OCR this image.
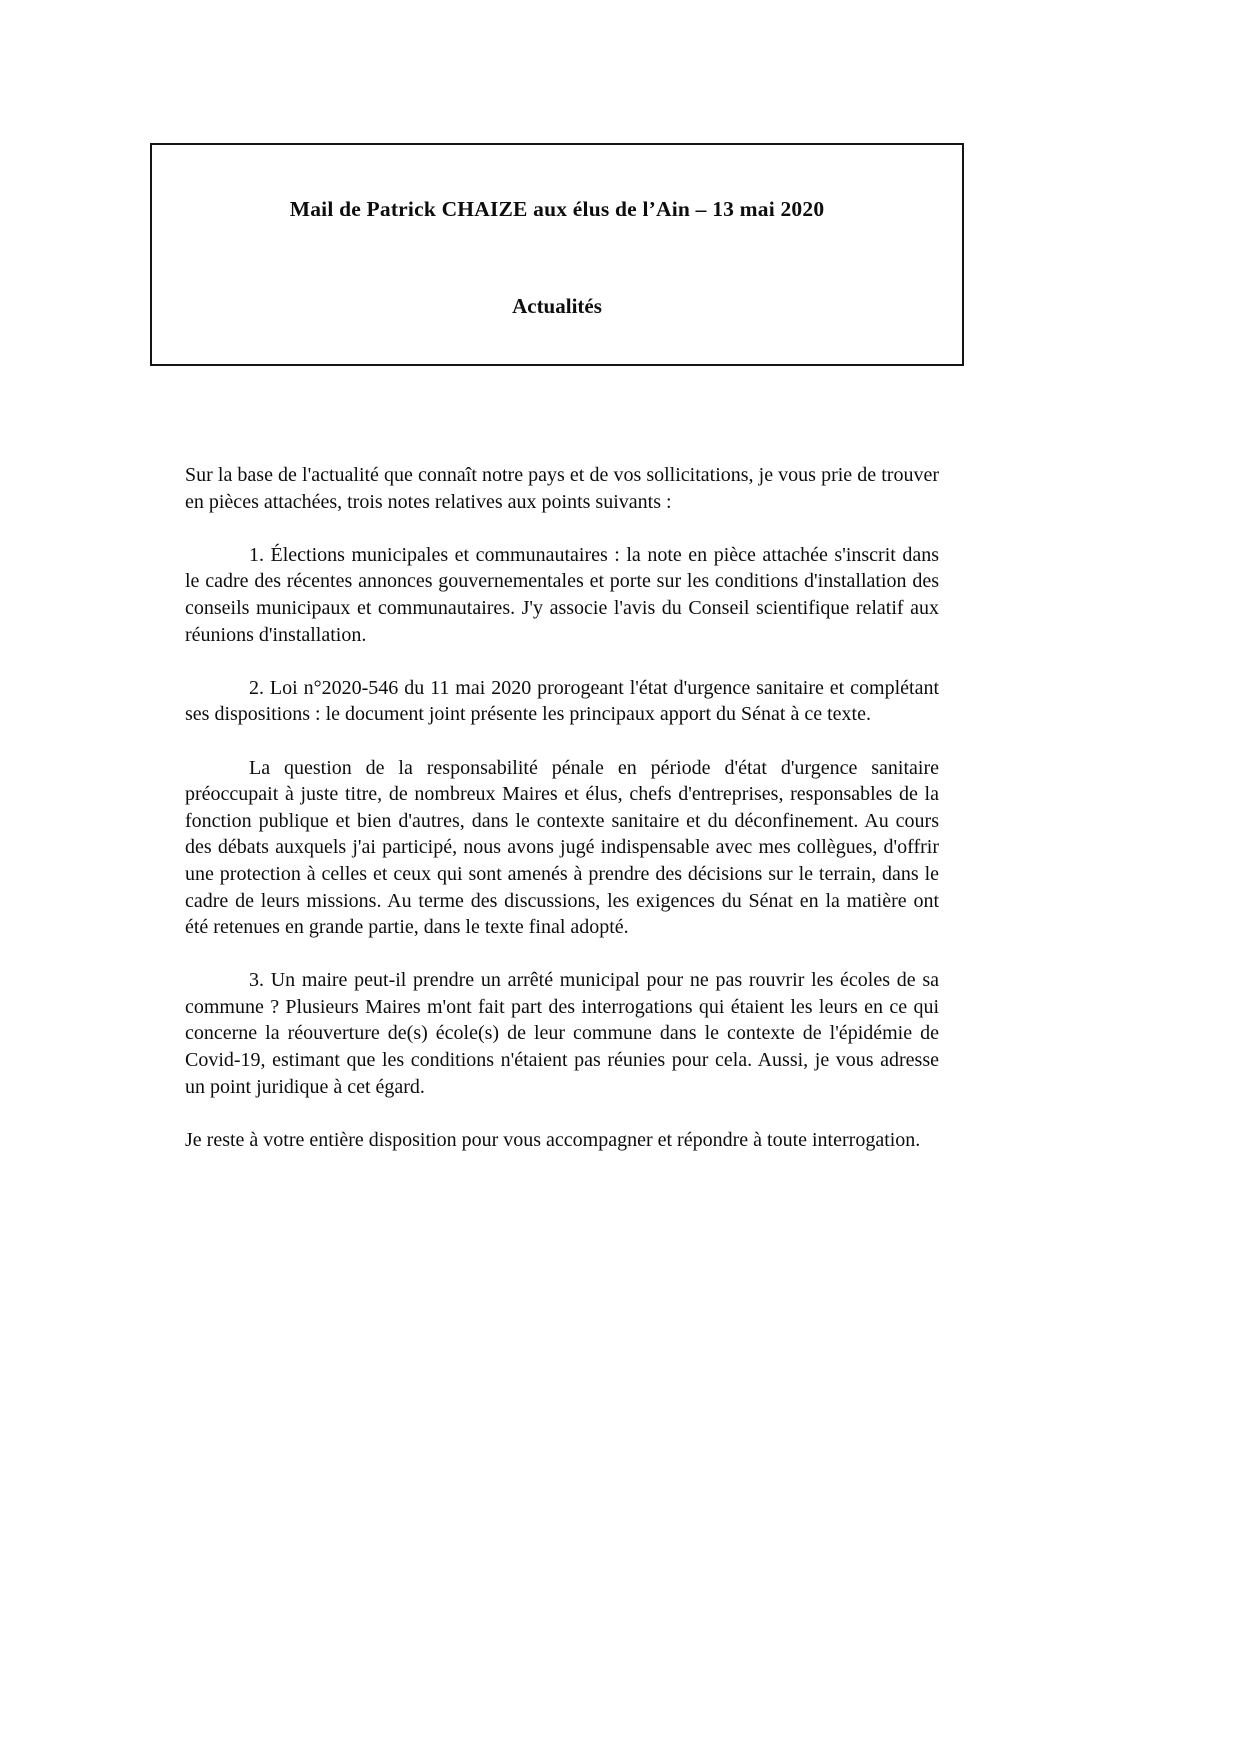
Mail de Patrick CHAIZE aux élus de l’Ain – 13 mai 2020
Actualités

Sur la base de l'actualité que connaît notre pays et de vos sollicitations, je vous prie de trouver en pièces attachées, trois notes relatives aux points suivants :

1. Élections municipales et communautaires : la note en pièce attachée s'inscrit dans le cadre des récentes annonces gouvernementales et porte sur les conditions d'installation des conseils municipaux et communautaires. J'y associe l'avis du Conseil scientifique relatif aux réunions d'installation.

2. Loi n°2020-546 du 11 mai 2020 prorogeant l'état d'urgence sanitaire et complétant ses dispositions : le document joint présente les principaux apport du Sénat à ce texte.

La question de la responsabilité pénale en période d'état d'urgence sanitaire préoccupait à juste titre, de nombreux Maires et élus, chefs d'entreprises, responsables de la fonction publique et bien d'autres, dans le contexte sanitaire et du déconfinement. Au cours des débats auxquels j'ai participé, nous avons jugé indispensable avec mes collègues, d'offrir une protection à celles et ceux qui sont amenés à prendre des décisions sur le terrain, dans le cadre de leurs missions. Au terme des discussions, les exigences du Sénat en la matière ont été retenues en grande partie, dans le texte final adopté.

3. Un maire peut-il prendre un arrêté municipal pour ne pas rouvrir les écoles de sa commune ? Plusieurs Maires m'ont fait part des interrogations qui étaient les leurs en ce qui concerne la réouverture de(s) école(s) de leur commune dans le contexte de l'épidémie de Covid-19, estimant que les conditions n'étaient pas réunies pour cela. Aussi, je vous adresse un point juridique à cet égard.

Je reste à votre entière disposition pour vous accompagner et répondre à toute interrogation.
